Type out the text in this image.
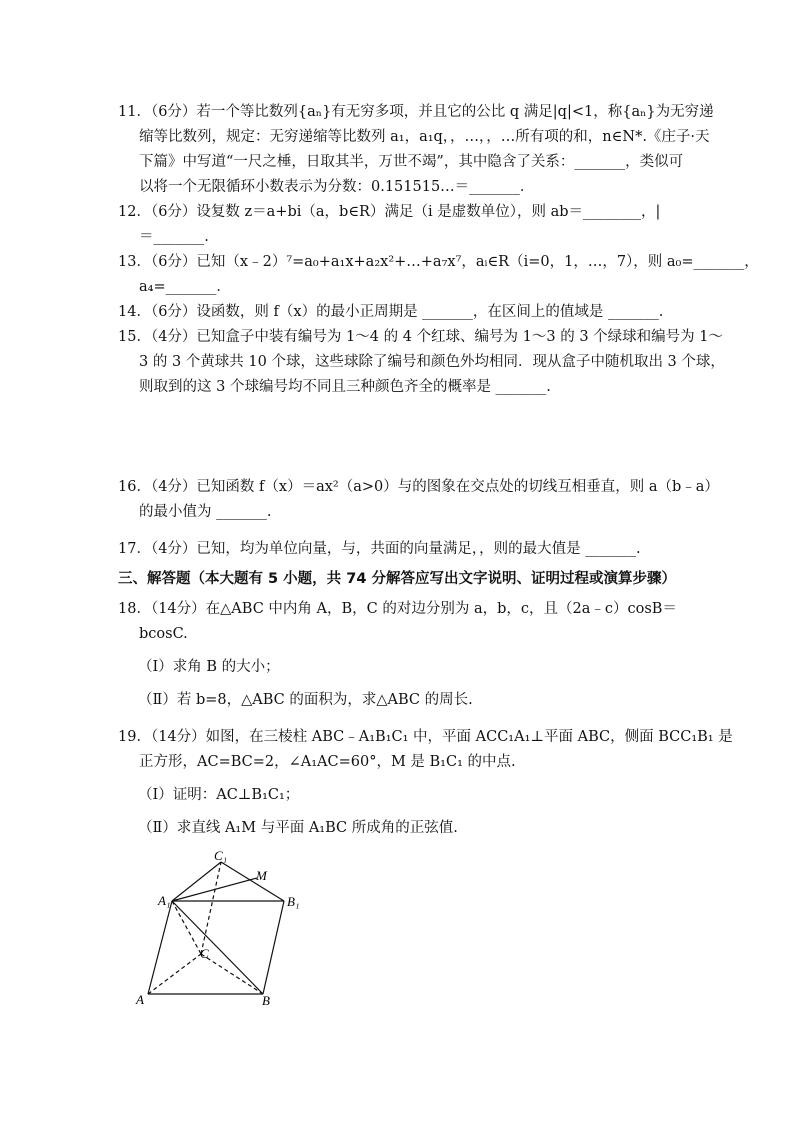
11．（6分）若一个等比数列{aₙ}有无穷多项，并且它的公比 q 满足|q|<1，称{aₙ}为无穷递
缩等比数列，规定：无穷递缩等比数列 a₁，a₁q，，…，，…所有项的和，n∈N*.《庄子·天
下篇》中写道“一尺之棰，日取其半，万世不竭”，其中隐含了关系：_______，类似可
以将一个无限循环小数表示为分数：0.151515…＝_______．
12．（6分）设复数 z＝a+bi（a，b∈R）满足（i 是虚数单位），则 ab＝________，|
＝_______.
13．（6分）已知（x﹣2）⁷=a₀+a₁x+a₂x²+…+a₇x⁷，aᵢ∈R（i=0，1，…，7），则 a₀=_______，
a₄=_______．
14．（6分）设函数，则 f（x）的最小正周期是 _______，在区间上的值域是 _______.
15．（4分）已知盒子中装有编号为 1～4 的 4 个红球、编号为 1～3 的 3 个绿球和编号为 1～
3 的 3 个黄球共 10 个球，这些球除了编号和颜色外均相同．现从盒子中随机取出 3 个球，
则取到的这 3 个球编号均不同且三种颜色齐全的概率是 _______.
16．（4分）已知函数 f（x）＝ax²（a>0）与的图象在交点处的切线互相垂直，则 a（b﹣a）
的最小值为 _______.
17．（4分）已知，均为单位向量，与，共面的向量满足，，则的最大值是 _______.
三、解答题（本大题有 5 小题，共 74 分解答应写出文字说明、证明过程或演算步骤）
18．（14分）在△ABC 中内角 A，B，C 的对边分别为 a，b，c，且（2a﹣c）cosB＝
bcosC.
（Ⅰ）求角 B 的大小；
（Ⅱ）若 b=8，△ABC 的面积为，求△ABC 的周长.
19．（14分）如图，在三棱柱 ABC﹣A₁B₁C₁ 中，平面 ACC₁A₁⊥平面 ABC，侧面 BCC₁B₁ 是
正方形，AC=BC=2，∠A₁AC=60°，M 是 B₁C₁ 的中点.
（Ⅰ）证明：AC⊥B₁C₁；
（Ⅱ）求直线 A₁M 与平面 A₁BC 所成角的正弦值.
C₁
M
A₁	B₁
C
A	B
